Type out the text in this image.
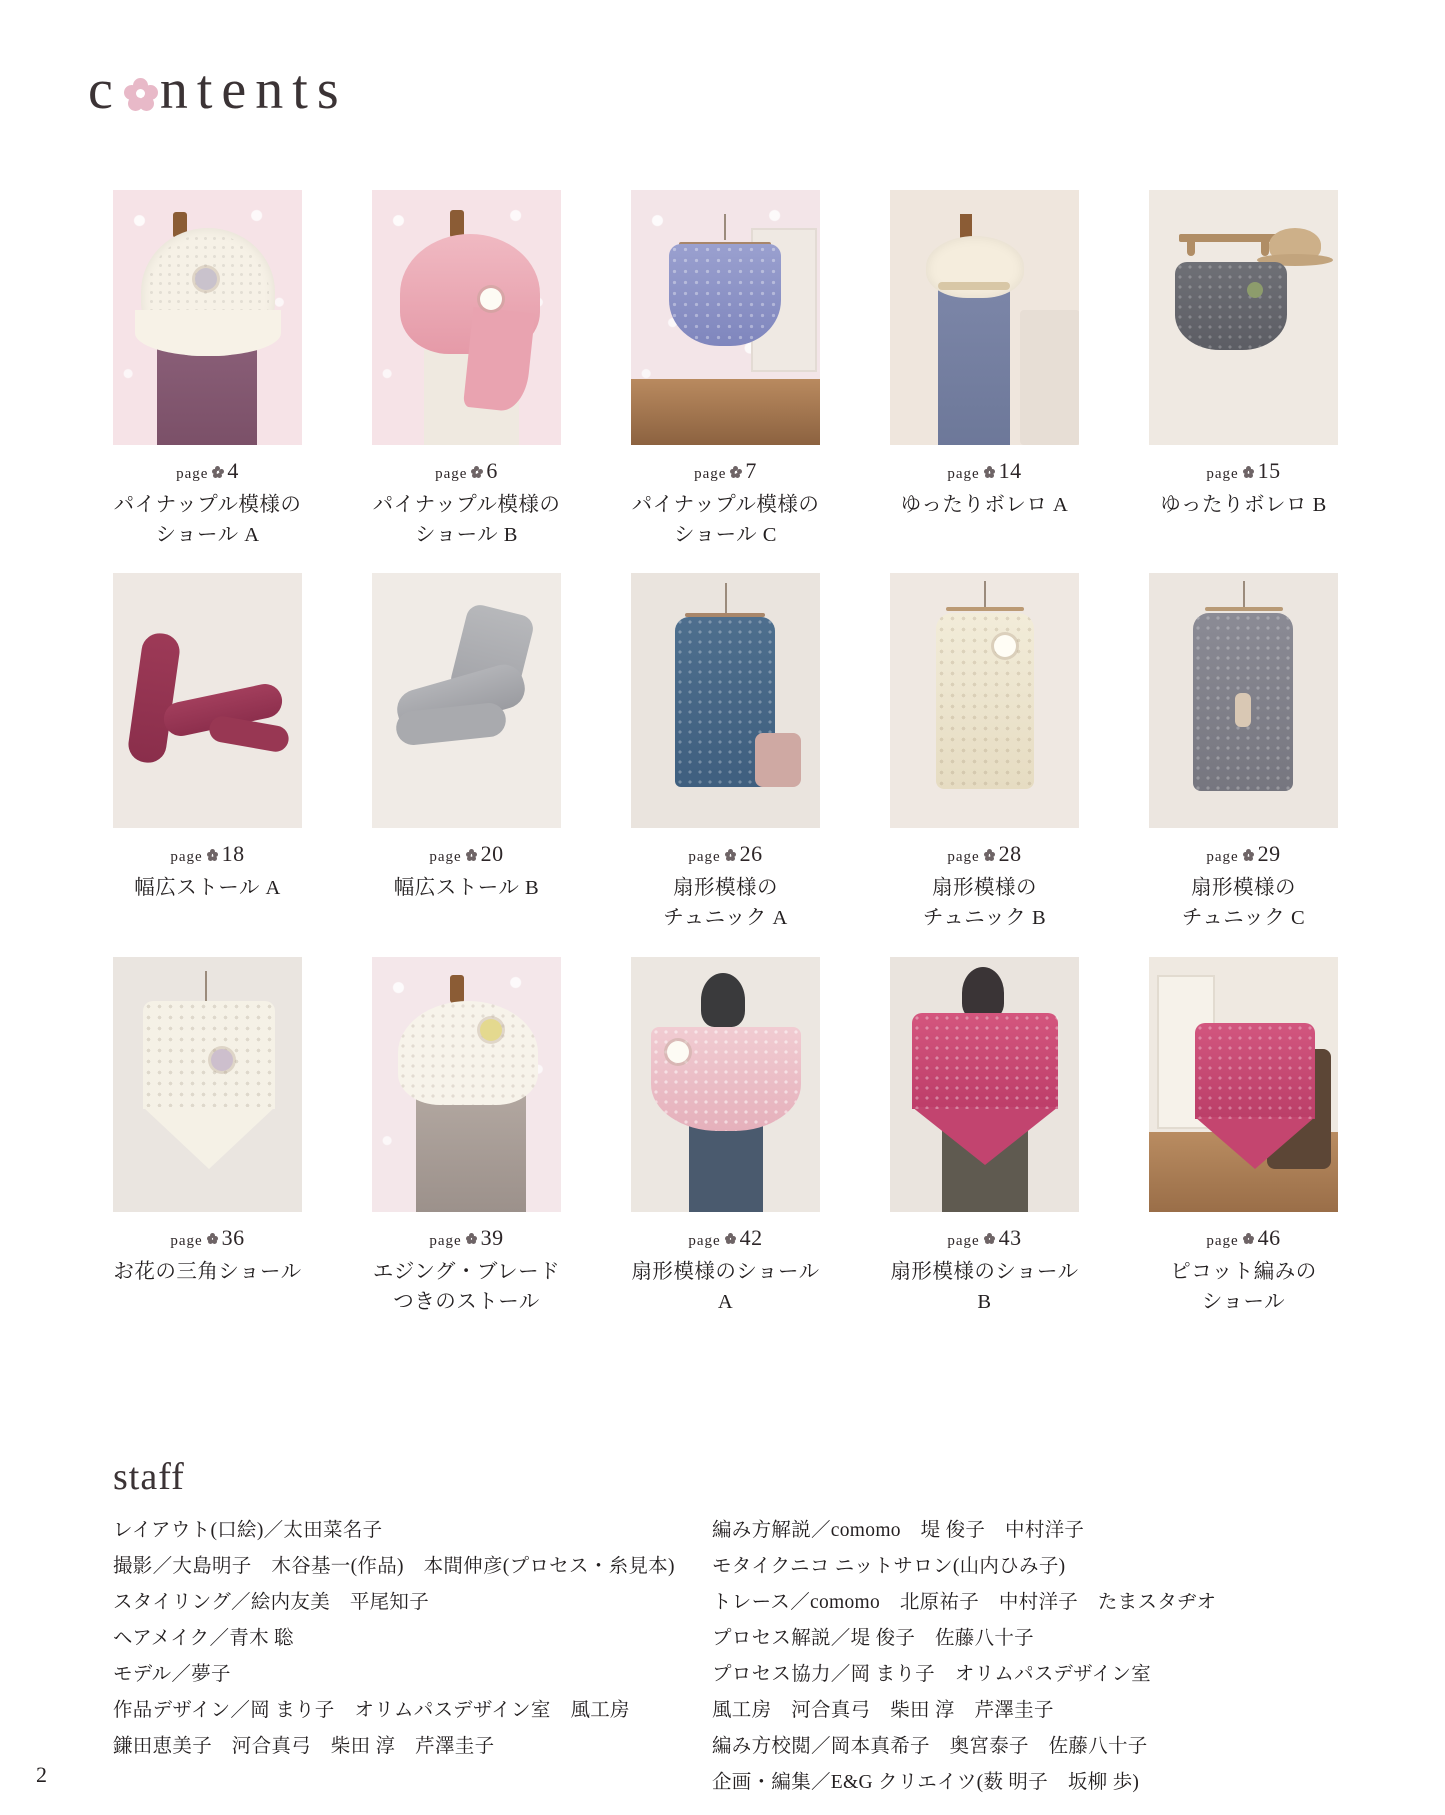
c ntents
page 4
パイナップル模様の
ショール A
page 6
パイナップル模様の
ショール B
page 7
パイナップル模様の
ショール C
page 14
ゆったりボレロ A
page 15
ゆったりボレロ B
page 18
幅広ストール A
page 20
幅広ストール B
page 26
扇形模様の
チュニック A
page 28
扇形模様の
チュニック B
page 29
扇形模様の
チュニック C
page 36
お花の三角ショール
page 39
エジング・ブレード
つきのストール
page 42
扇形模様のショール
A
page 43
扇形模様のショール
B
page 46
ピコット編みの
ショール
staff
レイアウト(口絵)／太田菜名子
撮影／大島明子　木谷基一(作品)　本間伸彦(プロセス・糸見本)
スタイリング／絵内友美　平尾知子
ヘアメイク／青木 聡
モデル／夢子
作品デザイン／岡 まり子　オリムパスデザイン室　風工房
鎌田恵美子　河合真弓　柴田 淳　芹澤圭子
編み方解説／comomo　堤 俊子　中村洋子
モタイクニコ ニットサロン(山内ひみ子)
トレース／comomo　北原祐子　中村洋子　たまスタヂオ
プロセス解説／堤 俊子　佐藤八十子
プロセス協力／岡 まり子　オリムパスデザイン室
風工房　河合真弓　柴田 淳　芹澤圭子
編み方校閲／岡本真希子　奥宮泰子　佐藤八十子
企画・編集／E&G クリエイツ(薮 明子　坂柳 歩)
2
